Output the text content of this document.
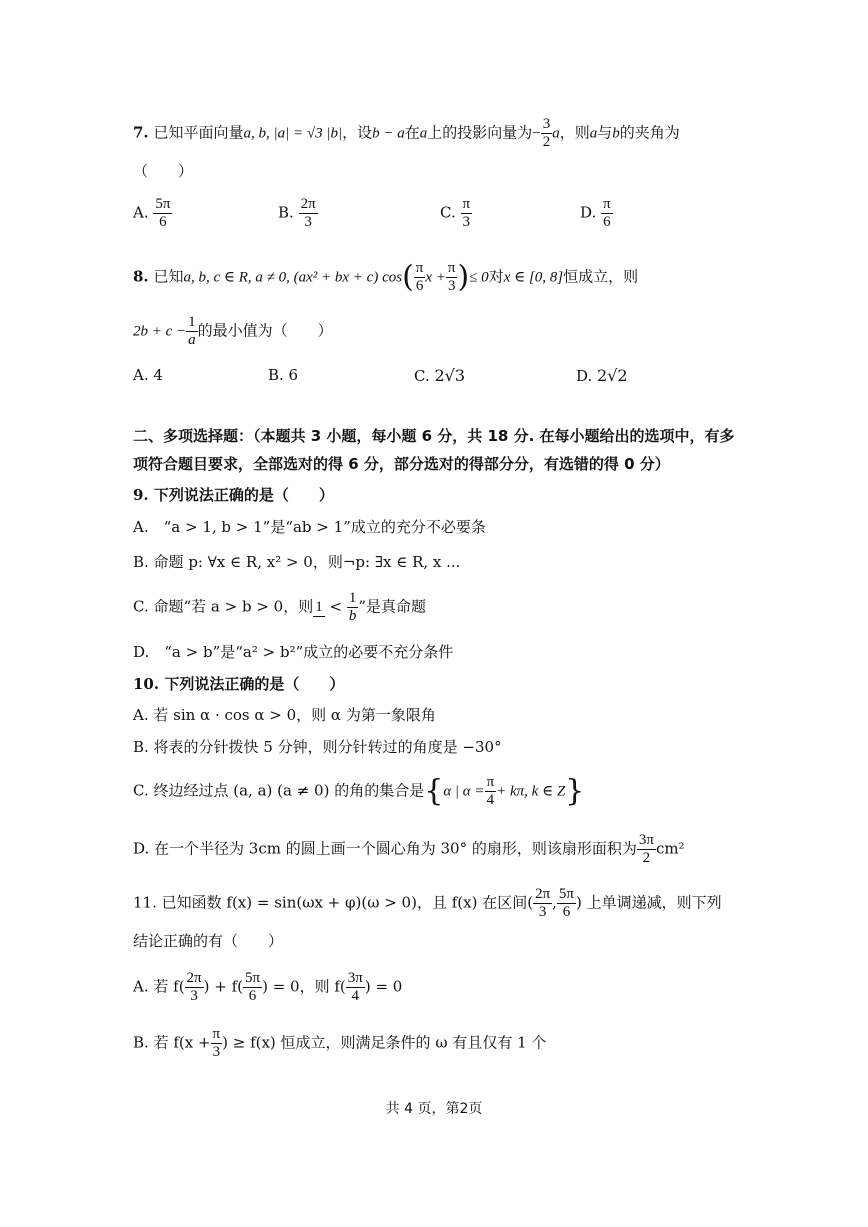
7. 已知平面向量a, b, |a| = √3 |b|，设b − a在a上的投影向量为− $\frac{3}{2}$ a，则a与b的夹角为
（　　）
A. $\frac{5\pi}{6}$	B. $\frac{2\pi}{3}$	C. $\frac{\pi}{3}$	D. $\frac{\pi}{6}$
8. 已知a, b, c ∈ R, a ≠ 0, (ax² + bx + c) $\cos( \frac{\pi}{6}$ $x + \frac{\pi}{3}$ )≤ 0对x ∈ [0, 8]恒成立，则
$2b + c - \frac{1}{a}$ 的最小值为（　　）
A. 4	B. 6	C. 2√3	D. 2√2
二、多项选择题：（本题共 3 小题，每小题 6 分，共 18 分. 在每小题给出的选项中，有多
项符合题目要求，全部选对的得 6 分，部分选对的得部分分，有选错的得 0 分）
9. 下列说法正确的是（　　）
A.　“a > 1, b > 1”是“ab > 1”成立的充分不必要条
B. 命题 p: ∀x ∈ R, x² > 0，则¬p: ∃x ∈ R, x ...
C. 命题“若 a > b > 0，则 $1 < \frac{1}{b}$ ”是真命题
D.　“a > b”是“a² > b²”成立的必要不充分条件
10. 下列说法正确的是（　　）
A. 若 sin α · cos α > 0，则 α 为第一象限角
B. 将表的分针拨快 5 分钟，则分针转过的角度是 −30°
C. 终边经过点 (a, a) (a ≠ 0) 的角的集合是{α | $\alpha = \frac{\pi}{4} + k\pi$, k ∈ Z}
D. 在一个半径为 3cm 的圆上画一个圆心角为 30° 的扇形，则该扇形面积为 $\frac{3\pi}{2} cm^2$
11. 已知函数 f(x) = sin(ωx + φ)(ω > 0)，且 f(x) 在区间( $\frac{2\pi}{3}$ , $\frac{5\pi}{6}$ ) 上单调递减，则下列
结论正确的有（　　）
A. 若 $f( \frac{2\pi}{3}$ ) + $f( \frac{5\pi}{6}$ ) = 0，则 $f( \frac{3\pi}{4}$ ) = 0
B. 若 $f(x + \frac{\pi}{3}$ ) ≥ f(x) 恒成立，则满足条件的 ω 有且仅有 1 个
共 4 页，第2页
